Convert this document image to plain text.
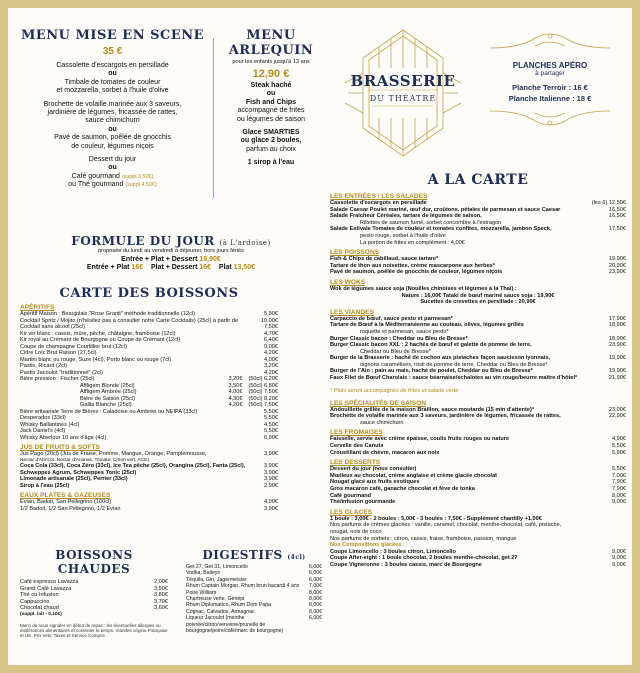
MENU MISE EN SCENE
35 €
Cassolette d'escargots en persillade
ou
Timbale de tomates de couleur
et mozzarella, sorbet à l'huile d'olive
Brochette de volaille marinée aux 3 saveurs,
jardinière de légumes, fricassée de rattes,
sauce chimichurri
ou
Pavé de saumon, poêlée de gnocchis
de couleur, légumes niçois
Dessert du jour
ou
Café gourmand (suppl 3,50€)
ou Thé gourmand (suppl 4,50€)
MENU ARLEQUIN
pour les enfants jusqu'à 13 ans
12,90 €
Steak haché
ou
Fish and Chips
accompagné de frites
ou légumes de saison
Glace SMARTIES
ou glace 2 boules,
parfum au choix
1 sirop à l'eau
FORMULE DU JOUR (à L'ardoise)
proposée du lundi au vendredi à déjeuner, hors jours fériés
Entrée + Plat + Dessert 19,90€
Entrée + Plat 16€ Plat + Dessert 16€ Plat 13,50€
CARTE DES BOISSONS
APÉRITIFS
Apéritif Maison : Beaujolais "Rose Granit" méthode traditionnelle (12cl)	5,90€
Cocktail Spritz / Mojito (n'hésitez pas à consulter notre Carte Cocktails) (25cl) à partir de	10,00€
Cocktail sans alcool (25cl)	7,50€
Kir vin blanc : cassis, mûre, pêche, châtaigne, framboise (12cl)	4,70€
Kir royal au Crémant de Bourgogne ou Coupe de Crémant (12cl)	6,40€
Coupe de champagne Courtillier brut (12cl)	9,00€
Cidre Loïc Brut Raison (27,5cl)	4,20€
Martini blanc ou rouge, Suze (4cl), Porto blanc ou rouge (7cl)	4,00€
Pastis, Ricard (2cl)	3,20€
Pastis Jacoulot "traditionnel" (2cl)	4,20€
Bière pression : Fischer (25cl)	3,20€ (50cl) 6,20€
Affligem Blonde (25cl)	3,50€ (50cl) 6,80€
Affligem Ambrée (25cl)	4,00€ (50cl) 7,50€
Bière de Saison (25cl)	4,30€ (50cl) 8,20€
Gallia Blanche (25cl)	4,20€ (50cl) 7,50€
Bière artisanale Terre de Bières : Caladoise ou Ambrée ou NEIPA (33cl)	5,50€
Desperados (33cl)	5,50€
Whisky Ballantines (4cl)	4,50€
Jack Daniel's (4cl)	5,50€
Whisky Aberlour 10 ans d'âge (4cl)	6,90€
JUS DE FRUITS & SOFTS
Jus Pago (20cl) (Jus de Fraise, Pomme, Mangue, Orange, Pamplemousse,	3,90€
Nectar d'Abricot, Nectar d'Ananas, Tomate, Citron vert, ACE)
Coca Cola (33cl), Coca Zéro (33cl), Ice Tea pêche (25cl), Orangina (25cl), Fanta (25cl),	3,90€
Schweppes Agrum, Schweppes Tonic (25cl)	3,90€
Limonade artisanale (25cl), Perrier (33cl)	3,90€
Sirop à l'eau (25cl)	2,90€
EAUX PLATES & GAZEUSES
Evian, Badoit, San Pellegrino (100cl)	4,90€
1/2 Badoit, 1/2 San Pellegrino, 1/2 Evian	3,90€
BOISSONS CHAUDES
Café expresso Lavazza	2,00€
Grand Café Lavazza	3,50€
Thé ou Infusion	3,80€
Cappuccino	3,70€
Chocolat chaud	3,60€
(suppl. lait - 0,10€)
Merci de nous signaler en début de repas : les éventuelles allergies ou intolérances alimentaires et contenter le temps. Viandes origine Française et UE. Prix nets, Taxes et Service Compris
DIGESTIFS (4cl)
Get 27, Get 31, Limoncello	6,00€
Vodka, Baileys	6,00€
Téquila, Gin, Jagermeister	6,00€
Rhum Captain Morgan, Rhum brun bacardi 4 ans 7,00€
Poire William	8,00€
Chartreuse verte, Génépi	8,00€
Rhum Diplomatico, Rhum Dom Papa	8,00€
Cognac, Calvados, Armagnac	8,00€
Liqueur Jacoulot (menthe poivrée/citron/verveine/prunelle de bourgogne/poire/café/marc de bourgogne)
6,00€
BRASSERIE
DU THÉATRE
PLANCHES APÉRO
à partager
Planche Terroir : 16 €
Planche Italienne : 18 €
A LA CARTE
LES ENTRÉES / LES SALADES
Cassolette d'escargots en persillade	(les 6) 12,50€
Salade Caesar Poulet mariné, œuf dur, croûtons, pétales de parmesan et sauce Caesar	16,50€
Salade Fraîcheur Céréales, tartare de légumes de saison,	16,50€
Rillettes de saumon fumé, sorbet concombre à l'estragon
Salade Estivale Tomates de couleur et tomates confites, mozzarella, jambon Speck,	17,50€
pesto rouge, sorbet à l'huile d'olive
La portion de frites en complément : 4,00€
LES POISSONS
Fish & Chips de cabillaud, sauce tartare*	19,90€
Tartare de thon aux noisettes, crème mascarpone aux herbes*	20,90€
Pavé de saumon, poêlée de gnocchis de couleur, légumes niçois	23,90€
LES WOKS
Wok de légumes sauce soja (Nouilles chinoises et légumes à la Thaï) :
Nature : 16,00€ Tataki de bœuf mariné sauce soja : 19,90€
Sucettes de crevettes en persillade : 20,90€
LES VIANDES
Carpaccio de bœuf, sauce pesto et parmesan*	17,90€
Tartare de Bœuf à la Méditerranéenne au couteau, olives, légumes grillés	18,90€
roquette et parmesan, sauce pesto*
Burger Classic bacon : Cheddar ou Bleu de Bresse*	18,90€
Burger Classic bacon XXL : 2 hachés de bœuf et galette de pomme de terre,	23,90€
Cheddar ou Bleu de Bresse*
Burger de la Brasserie : haché de cochon aux pistaches façon saucisson lyonnais,	19,90€
oignons caramélisés, rösti de pomme de terre, Cheddar ou Bleu de Bresse*
Burger de l'Ain : pain au mais, haché de poulet, Cheddar ou Bleu de Bresse*	19,90€
Faux Filet de Bœuf Charolais : sauce béarnaise/échalotes au vin rouge/beurre maître d'hôtel*	21,90€
* Plats servis accompagnés de frites et salade verte
LES SPÉCIALITÉS DE SAISON
Andouillette grillée de la maison Braillon, sauce moutarde (15 min d'attente)*	23,00€
Brochette de volaille marinée aux 3 saveurs, jardinière de légumes, fricassée de rattes,	22,90€
sauce chimichurri
LES FROMAGES
Faisselle, servie avec crème épaisse, coulis fruits rouges ou nature	4,90€
Cervelle des Canuts	5,50€
Croustillant de chèvre, macaron aux noix	5,90€
LES DESSERTS
Dessert du jour (nous consulter)	5,50€
Mœlleux au chocolat, crème anglaise et crème glacée chocolat	7,00€
Nougat glacé aux fruits exotiques	7,90€
Gros macaron café, ganache chocolat et fève de tonka	7,90€
Café gourmand	8,00€
Thé/infusion gourmande	9,00€
LES GLACES
1 boule : 3,00€ - 2 boules : 5,00€ - 3 boules : 7,50€ - Supplément chantilly +1,00€
Nos parfums de crèmes glacées : vanille, caramel, chocolat, menthe-chocolat, café, pistache,
nougat, noix de coco
Nos parfums de sorbets : citron, cassis, fraise, framboise, passion, mangue
Nos Compositions glacées :
Coupe Limoncello : 3 boules citron, Limoncello	9,00€
Coupe After-eight : 1 boule chocolat, 2 boules menthe-chocolat, get 27	9,00€
Coupe Vigneronne : 3 boules cassis, marc de Bourgogne	9,00€
